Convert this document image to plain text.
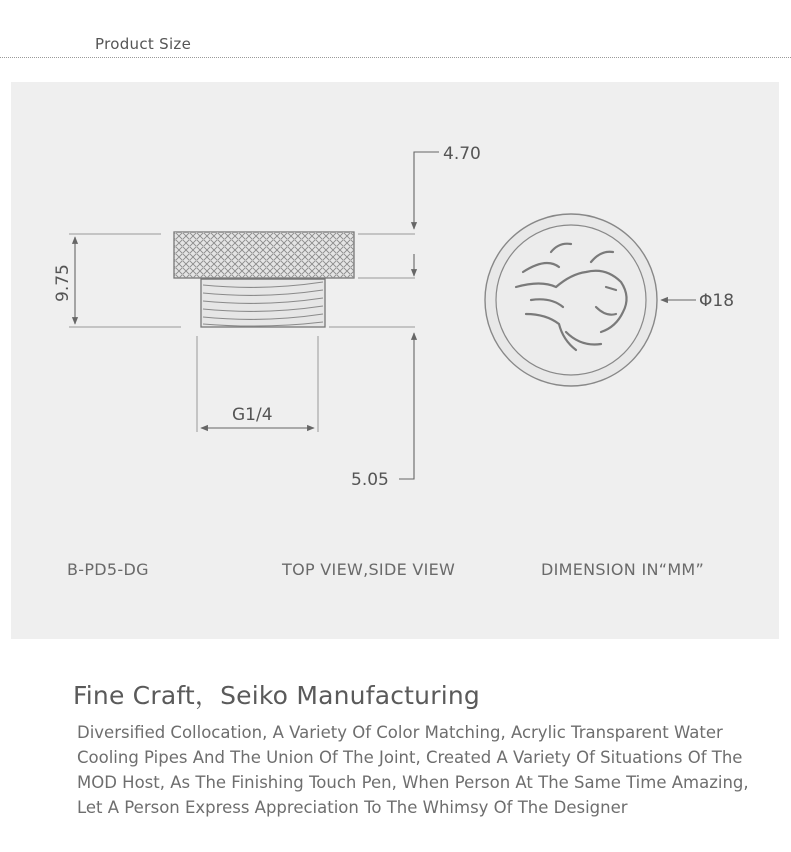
Product Size
4.70
5.05
G1/4
Φ18
9.75
B-PD5-DG	TOP VIEW,SIDE VIEW	DIMENSION IN“MM”
Fine Craft，Seiko Manufacturing
Diversified Collocation, A Variety Of Color Matching, Acrylic Transparent Water Cooling Pipes And The Union Of The Joint, Created A Variety Of Situations Of The MOD Host, As The Finishing Touch Pen, When Person At The Same Time Amazing, Let A Person Express Appreciation To The Whimsy Of The Designer
